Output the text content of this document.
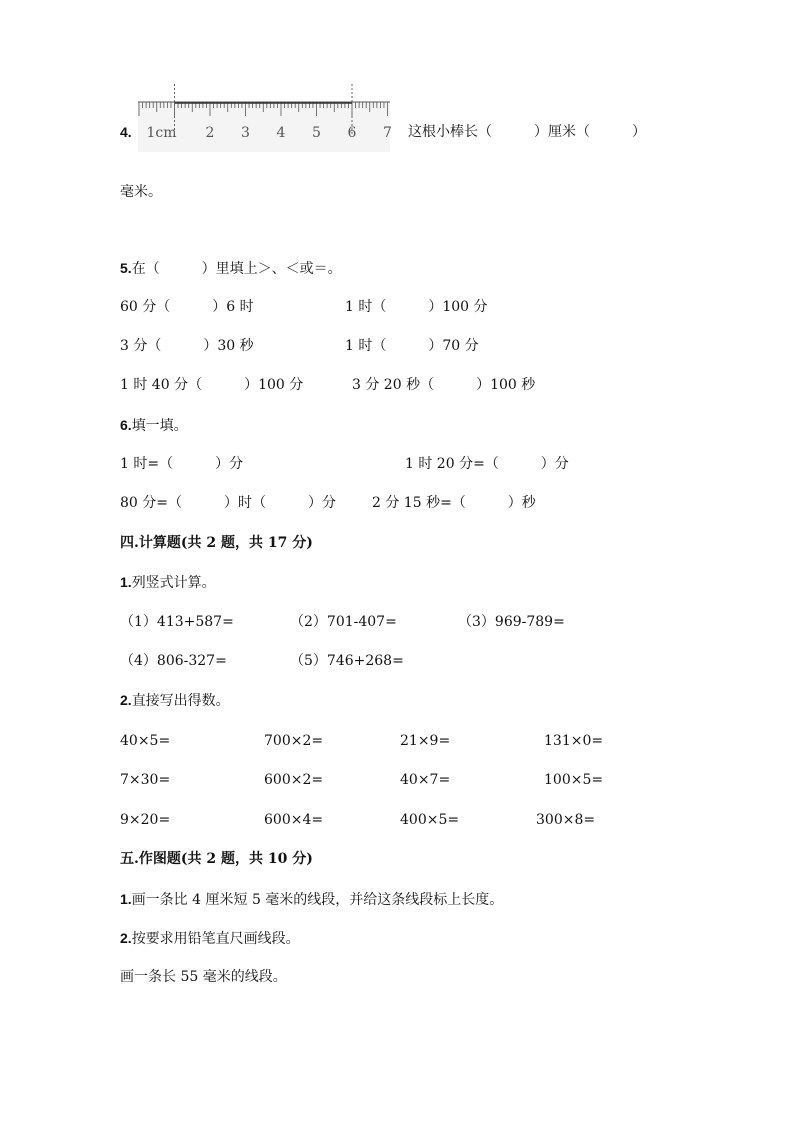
4. 1cm 2 3 4 5 6 7 这根小棒长（　　　）厘米（　　　）
毫米。
5.在（　　　）里填上＞、＜或＝。
60 分（　　　）6 时	1 时（　　　）100 分
3 分（　　　）30 秒	1 时（　　　）70 分
1 时 40 分（　　　）100 分	3 分 20 秒（　　　）100 秒
6.填一填。
1 时=（　　　）分	1 时 20 分=（　　　）分
80 分=（　　　）时（　　　）分	2 分 15 秒=（　　　）秒
四.计算题(共 2 题，共 17 分)
1.列竖式计算。
（1）413+587=	（2）701-407=	（3）969-789=
（4）806-327=	（5）746+268=
2.直接写出得数。
40×5=	700×2=	21×9=	131×0=
7×30=	600×2=	40×7=	100×5=
9×20=	600×4=	400×5=	300×8=
五.作图题(共 2 题，共 10 分)
1.画一条比 4 厘米短 5 毫米的线段，并给这条线段标上长度。
2.按要求用铅笔直尺画线段。
画一条长 55 毫米的线段。
